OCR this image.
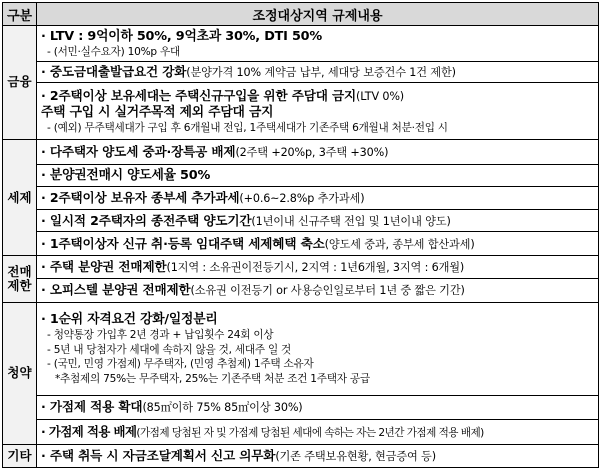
구분	조정대상지역 규제내용
금융	· LTV : 9억이하 50%, 9억초과 30%, DTI 50%
- (서민·실수요자) 10%p 우대

	· 중도금대출발급요건 강화(분양가격 10% 계약금 납부, 세대당 보증건수 1건 제한)

	· 2주택이상 보유세대는 주택신규구입을 위한 주담대 금지(LTV 0%)
주택 구입 시 실거주목적 제외 주담대 금지
- (예외) 무주택세대가 구입 후 6개월내 전입, 1주택세대가 기존주택 6개월내 처분·전입 시

세제	· 다주택자 양도세 중과·장특공 배제(2주택 +20%p, 3주택 +30%)

	· 분양권전매시 양도세율 50%

	· 2주택이상 보유자 종부세 추가과세(+0.6~2.8%p 추가과세)

	· 일시적 2주택자의 종전주택 양도기간(1년이내 신규주택 전입 및 1년이내 양도)

	· 1주택이상자 신규 취·등록 임대주택 세제혜택 축소(양도세 중과, 종부세 합산과세)

전매
제한	· 주택 분양권 전매제한(1지역 : 소유권이전등기시, 2지역 : 1년6개월, 3지역 : 6개월)

	· 오피스텔 분양권 전매제한(소유권 이전등기 or 사용승인일로부터 1년 중 짧은 기간)

청약	· 1순위 자격요건 강화/일정분리
- 청약통장 가입후 2년 경과 + 납입횟수 24회 이상
- 5년 내 당첨자가 세대에 속하지 않을 것, 세대주 일 것
- (국민, 민영 가점제) 무주택자, (민영 추첨제) 1주택 소유자
*추첨제의 75%는 무주택자, 25%는 기존주택 처분 조건 1주택자 공급

	· 가점제 적용 확대(85㎡이하 75% 85㎡이상 30%)

	· 가점제 적용 배제(가점제 당첨된 자 및 가점제 당첨된 세대에 속하는 자는 2년간 가점제 적용 배제)

기타	· 주택 취득 시 자금조달계획서 신고 의무화(기존 주택보유현황, 현금증여 등)
